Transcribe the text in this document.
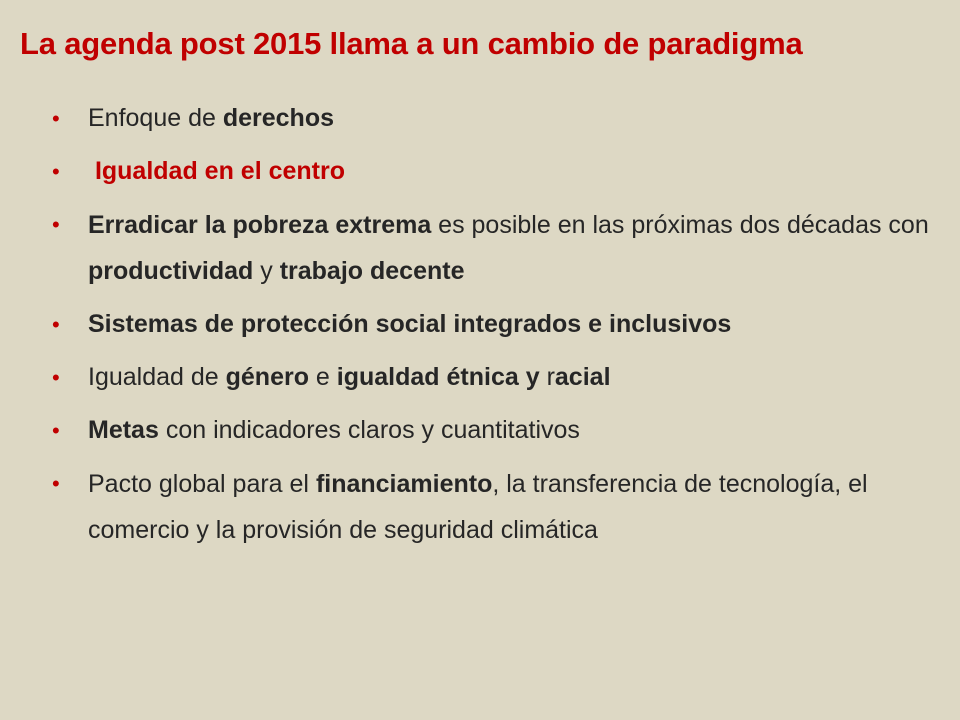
La agenda post 2015 llama a un cambio de paradigma
• Enfoque de derechos
• Igualdad en el centro
• Erradicar la pobreza extrema es posible en las próximas dos décadas con productividad y trabajo decente
• Sistemas de protección social integrados e inclusivos
• Igualdad de género e igualdad étnica y racial
• Metas con indicadores claros y cuantitativos
• Pacto global para el financiamiento, la transferencia de tecnología, el comercio y la provisión de seguridad climática
